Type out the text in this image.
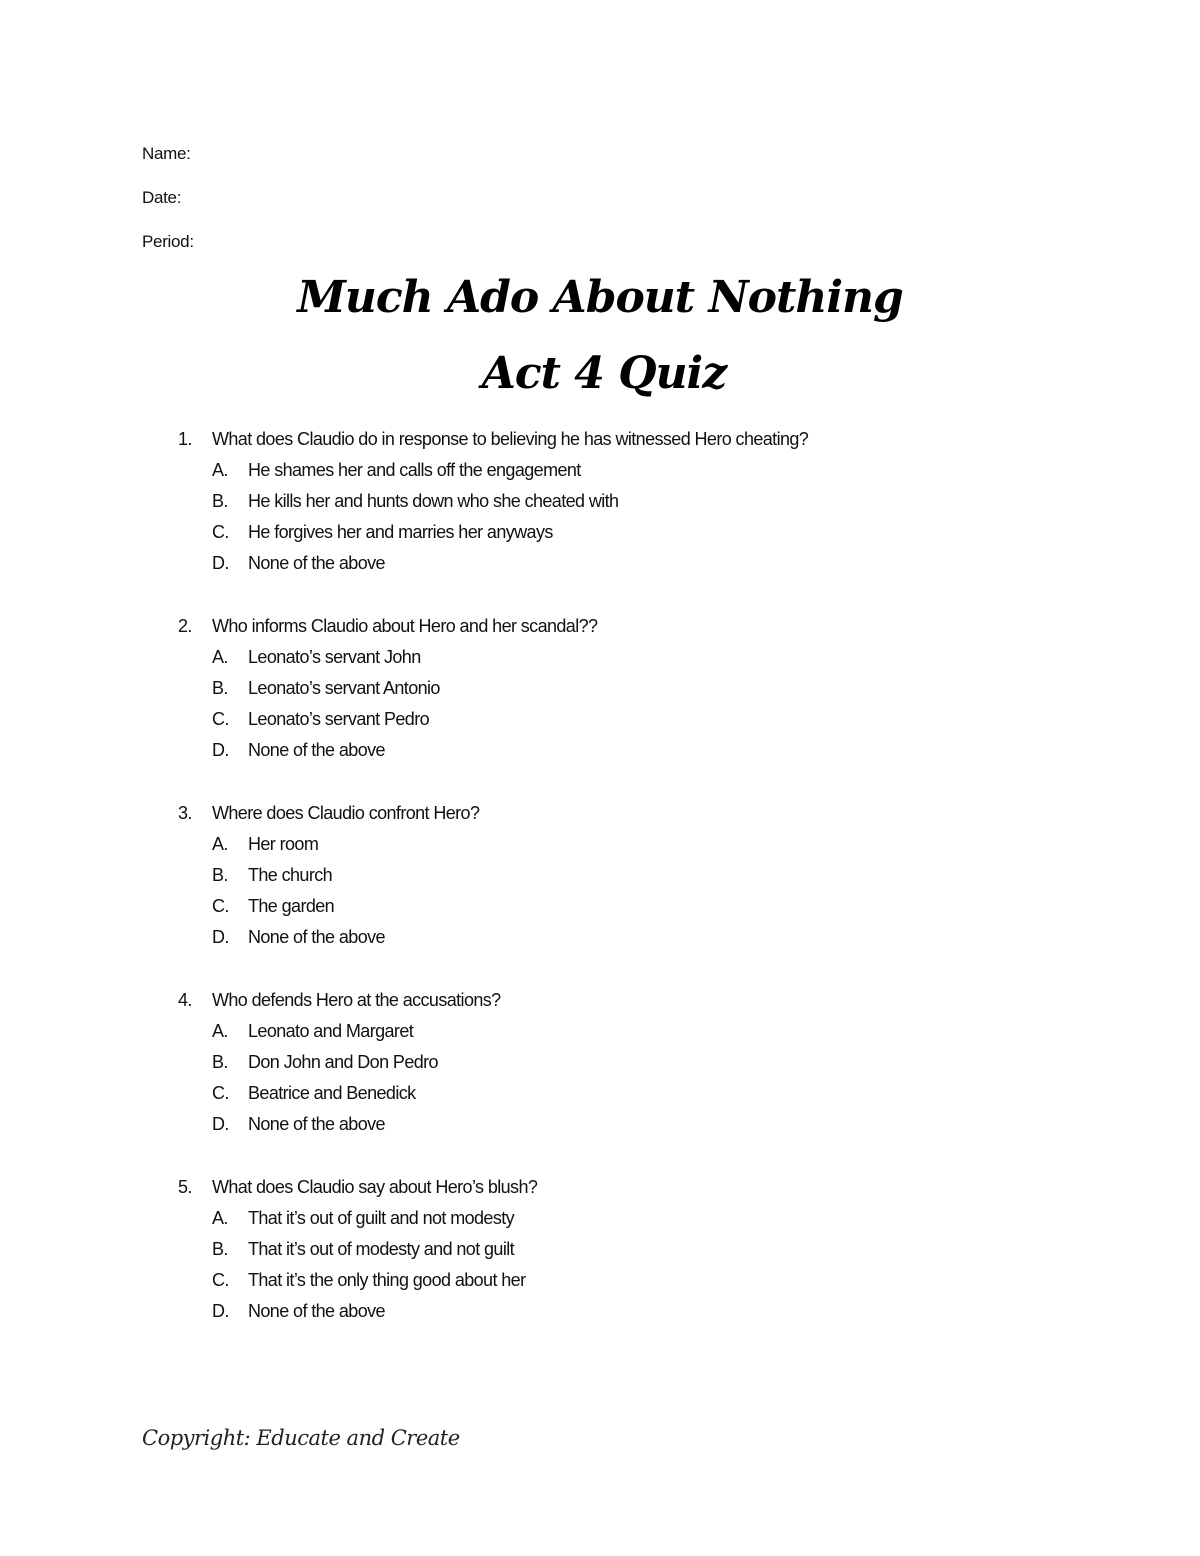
Name:
Date:
Period:
Much Ado About Nothing
Act 4 Quiz
1.	What does Claudio do in response to believing he has witnessed Hero cheating?
A.	He shames her and calls off the engagement
B.	He kills her and hunts down who she cheated with
C.	He forgives her and marries her anyways
D.	None of the above
2.	Who informs Claudio about Hero and her scandal??
A.	Leonato’s servant John
B.	Leonato’s servant Antonio
C.	Leonato’s servant Pedro
D.	None of the above
3.	Where does Claudio confront Hero?
A.	Her room
B.	The church
C.	The garden
D.	None of the above
4.	Who defends Hero at the accusations?
A.	Leonato and Margaret
B.	Don John and Don Pedro
C.	Beatrice and Benedick
D.	None of the above
5.	What does Claudio say about Hero’s blush?
A.	That it’s out of guilt and not modesty
B.	That it’s out of modesty and not guilt
C.	That it’s the only thing good about her
D.	None of the above
Copyright: Educate and Create
